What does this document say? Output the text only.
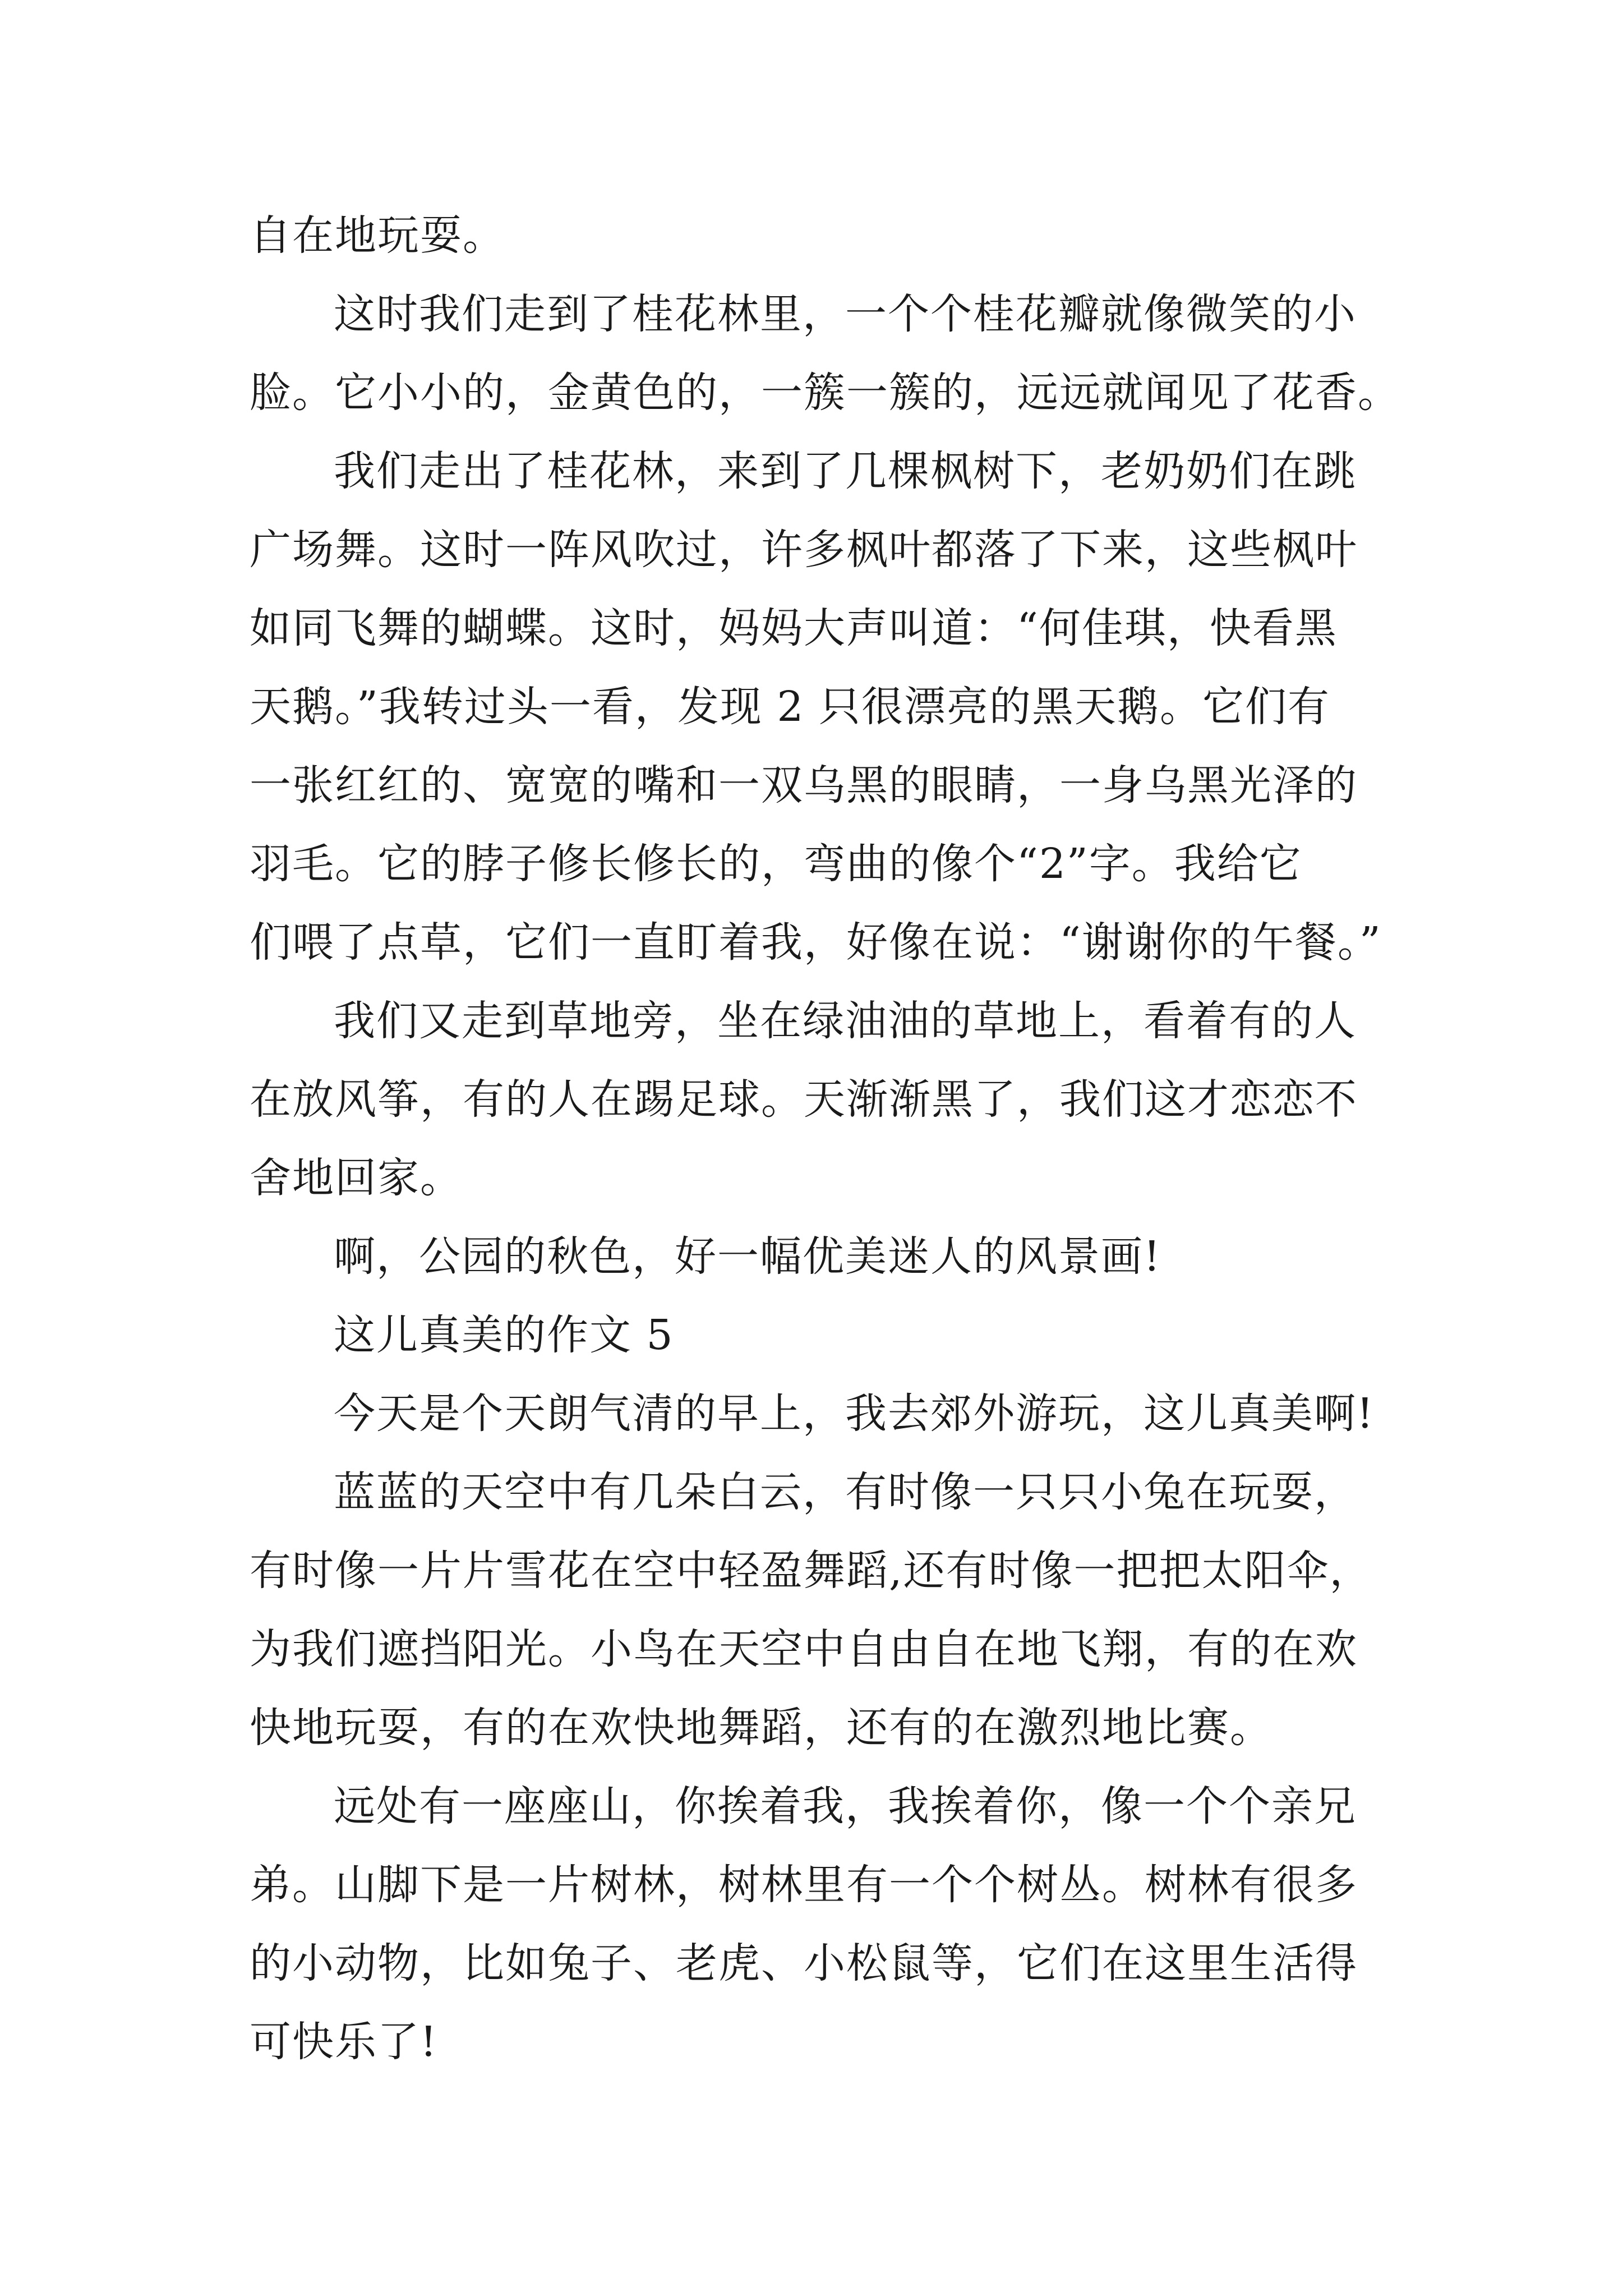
自在地玩耍。

这时我们走到了桂花林里，一个个桂花瓣就像微笑的小

脸。它小小的，金黄色的，一簇一簇的，远远就闻见了花香。

我们走出了桂花林，来到了几棵枫树下，老奶奶们在跳

广场舞。这时一阵风吹过，许多枫叶都落了下来，这些枫叶

如同飞舞的蝴蝶。这时，妈妈大声叫道：“何佳琪，快看黑

天鹅。”我转过头一看，发现 2 只很漂亮的黑天鹅。它们有

一张红红的、宽宽的嘴和一双乌黑的眼睛，一身乌黑光泽的

羽毛。它的脖子修长修长的，弯曲的像个“2”字。我给它

们喂了点草，它们一直盯着我，好像在说：“谢谢你的午餐。”

我们又走到草地旁，坐在绿油油的草地上，看着有的人

在放风筝，有的人在踢足球。天渐渐黑了，我们这才恋恋不

舍地回家。

啊，公园的秋色，好一幅优美迷人的风景画!

这儿真美的作文 5

今天是个天朗气清的早上，我去郊外游玩，这儿真美啊!

蓝蓝的天空中有几朵白云，有时像一只只小兔在玩耍，

有时像一片片雪花在空中轻盈舞蹈,还有时像一把把太阳伞，

为我们遮挡阳光。小鸟在天空中自由自在地飞翔，有的在欢

快地玩耍，有的在欢快地舞蹈，还有的在激烈地比赛。

远处有一座座山，你挨着我，我挨着你，像一个个亲兄

弟。山脚下是一片树林，树林里有一个个树丛。树林有很多

的小动物，比如兔子、老虎、小松鼠等，它们在这里生活得

可快乐了!
